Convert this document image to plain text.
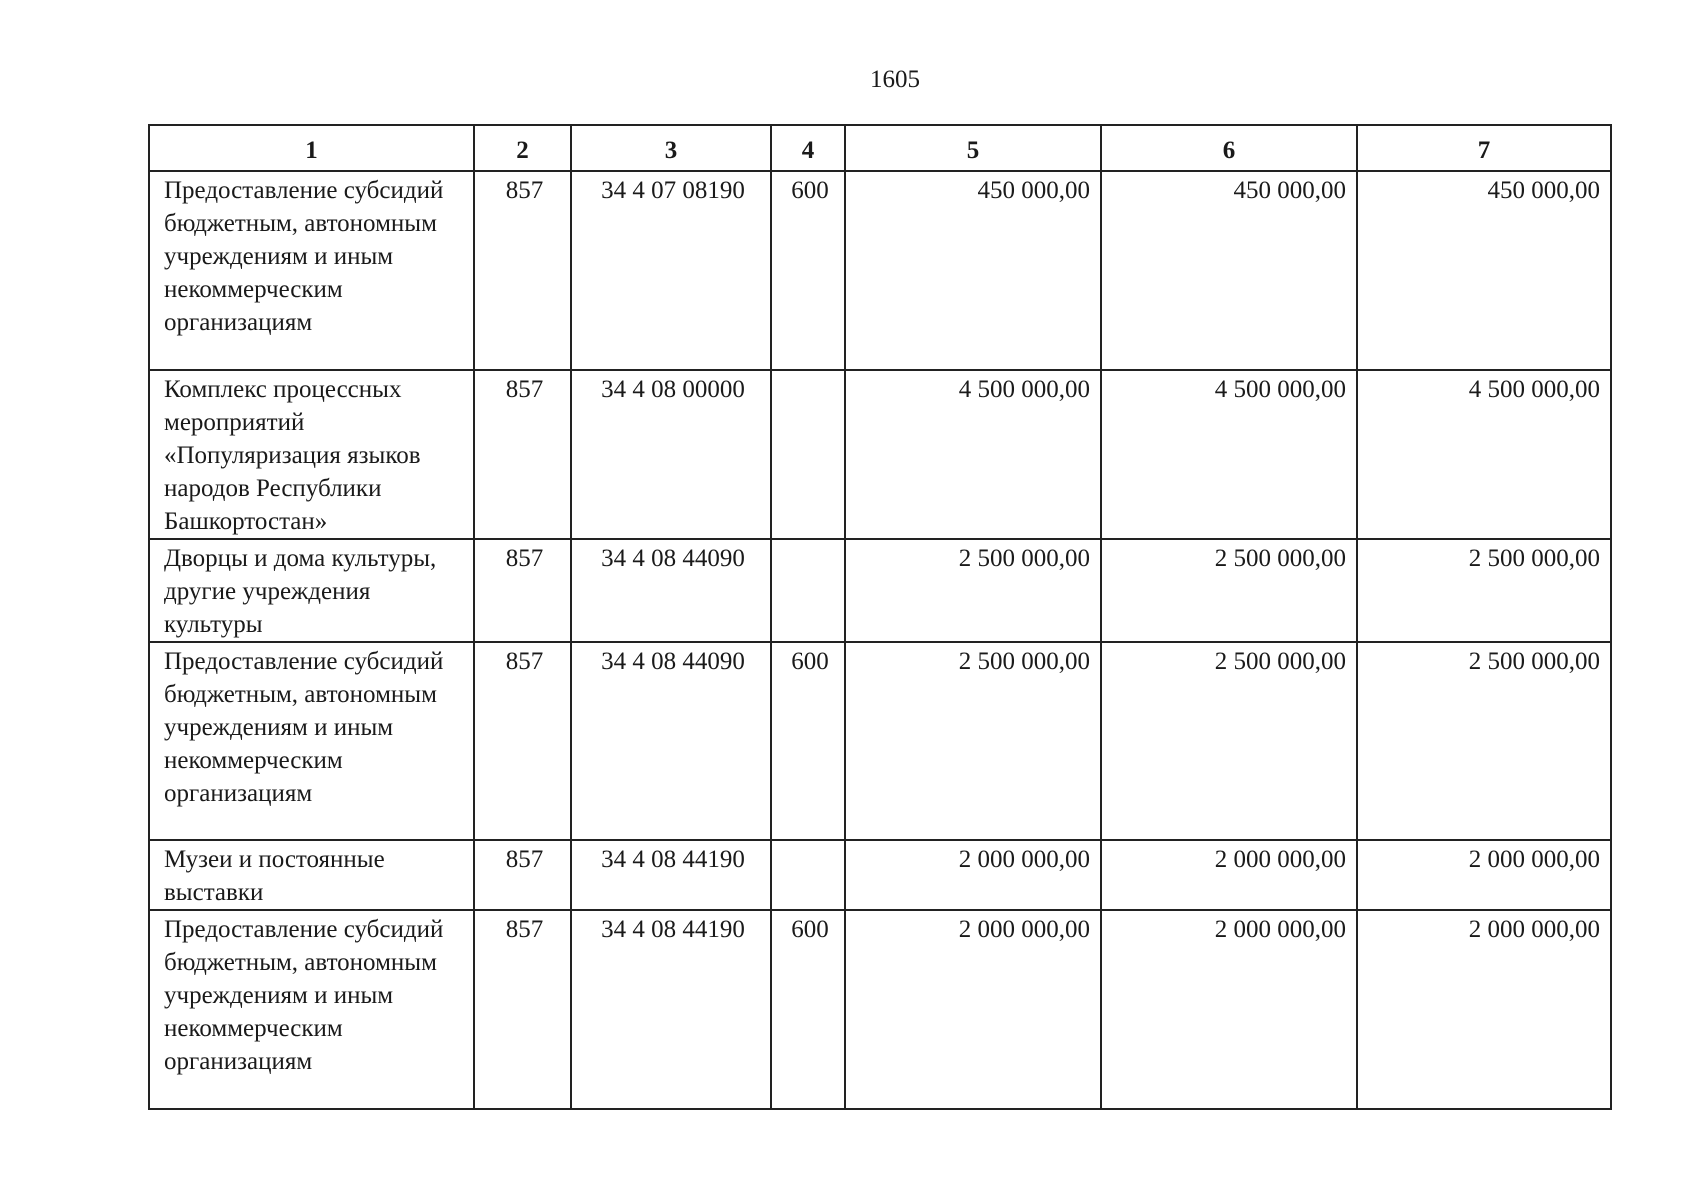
1605
1	2	3	4	5	6	7
Предоставление субсидий бюджетным, автономным учреждениям и иным некоммерческим организациям	857	34 4 07 08190	600	450 000,00	450 000,00	450 000,00
Комплекс процессных мероприятий «Популяризация языков народов Республики Башкортостан»	857	34 4 08 00000		4 500 000,00	4 500 000,00	4 500 000,00
Дворцы и дома культуры, другие учреждения культуры	857	34 4 08 44090		2 500 000,00	2 500 000,00	2 500 000,00
Предоставление субсидий бюджетным, автономным учреждениям и иным некоммерческим организациям	857	34 4 08 44090	600	2 500 000,00	2 500 000,00	2 500 000,00
Музеи и постоянные выставки	857	34 4 08 44190		2 000 000,00	2 000 000,00	2 000 000,00
Предоставление субсидий бюджетным, автономным учреждениям и иным некоммерческим организациям	857	34 4 08 44190	600	2 000 000,00	2 000 000,00	2 000 000,00
